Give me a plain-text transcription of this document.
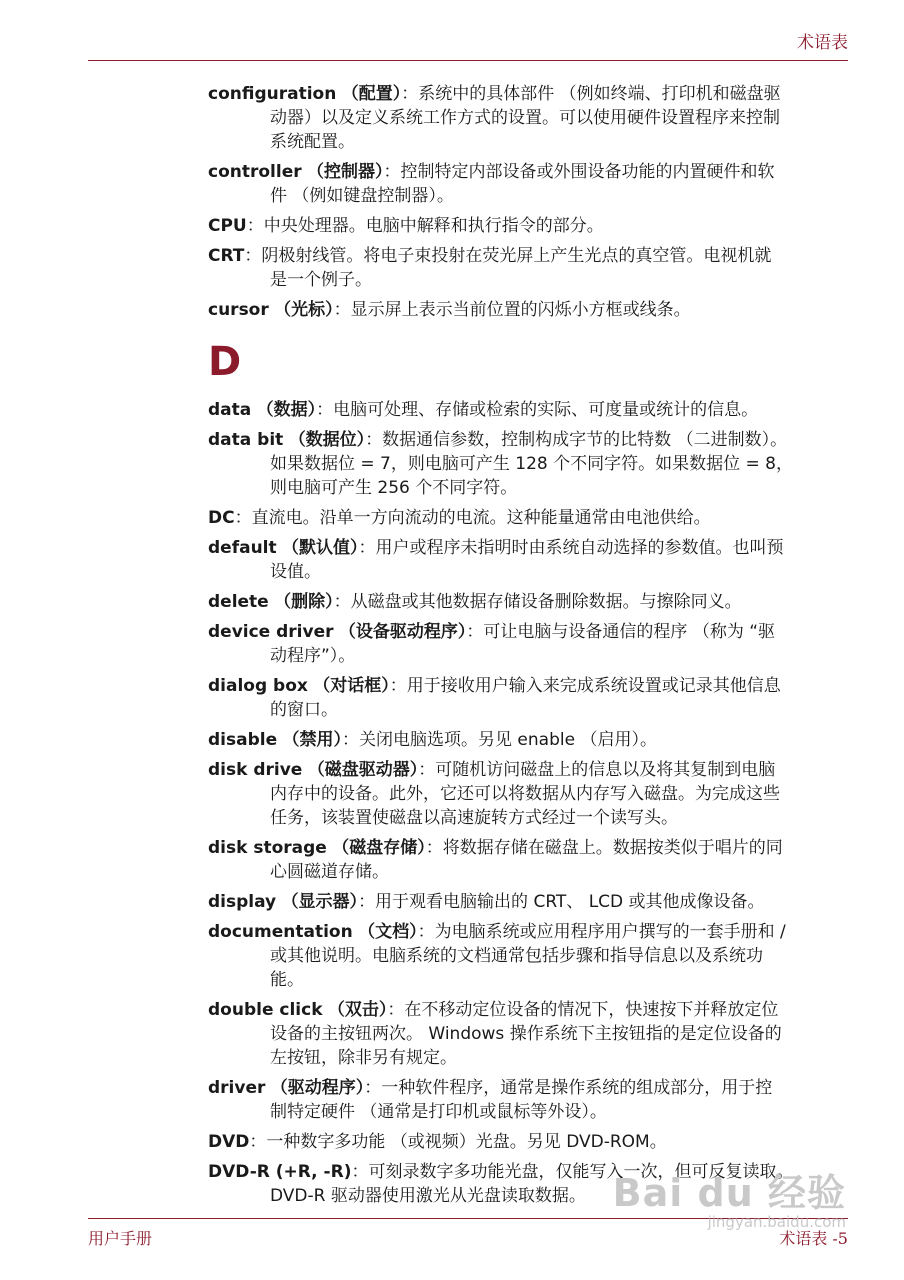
术语表
configuration （配置）：系统中的具体部件 （例如终端、打印机和磁盘驱
动器）以及定义系统工作方式的设置。可以使用硬件设置程序来控制
系统配置。
controller （控制器）：控制特定内部设备或外围设备功能的内置硬件和软
件 （例如键盘控制器）。
CPU：中央处理器。电脑中解释和执行指令的部分。
CRT：阴极射线管。将电子束投射在荧光屏上产生光点的真空管。电视机就
是一个例子。
cursor （光标）：显示屏上表示当前位置的闪烁小方框或线条。
D
data （数据）：电脑可处理、存储或检索的实际、可度量或统计的信息。
data bit （数据位）：数据通信参数，控制构成字节的比特数 （二进制数）。
如果数据位 = 7，则电脑可产生 128 个不同字符。如果数据位 = 8，
则电脑可产生 256 个不同字符。
DC：直流电。沿单一方向流动的电流。这种能量通常由电池供给。
default （默认值）：用户或程序未指明时由系统自动选择的参数值。也叫预
设值。
delete （删除）：从磁盘或其他数据存储设备删除数据。与擦除同义。
device driver （设备驱动程序）：可让电脑与设备通信的程序 （称为 “驱
动程序”）。
dialog box （对话框）：用于接收用户输入来完成系统设置或记录其他信息
的窗口。
disable （禁用）：关闭电脑选项。另见 enable （启用）。
disk drive （磁盘驱动器）：可随机访问磁盘上的信息以及将其复制到电脑
内存中的设备。此外，它还可以将数据从内存写入磁盘。为完成这些
任务，该装置使磁盘以高速旋转方式经过一个读写头。
disk storage （磁盘存储）：将数据存储在磁盘上。数据按类似于唱片的同
心圆磁道存储。
display （显示器）：用于观看电脑输出的 CRT、 LCD 或其他成像设备。
documentation （文档）：为电脑系统或应用程序用户撰写的一套手册和 /
或其他说明。电脑系统的文档通常包括步骤和指导信息以及系统功
能。
double click （双击）：在不移动定位设备的情况下，快速按下并释放定位
设备的主按钮两次。 Windows 操作系统下主按钮指的是定位设备的
左按钮，除非另有规定。
driver （驱动程序）：一种软件程序，通常是操作系统的组成部分，用于控
制特定硬件 （通常是打印机或鼠标等外设）。
DVD：一种数字多功能 （或视频）光盘。另见 DVD-ROM。
DVD-R (+R, -R)：可刻录数字多功能光盘，仅能写入一次，但可反复读取。
DVD-R 驱动器使用激光从光盘读取数据。
用户手册	术语表 -5
Bai du 经验
jingyan.baidu.com
